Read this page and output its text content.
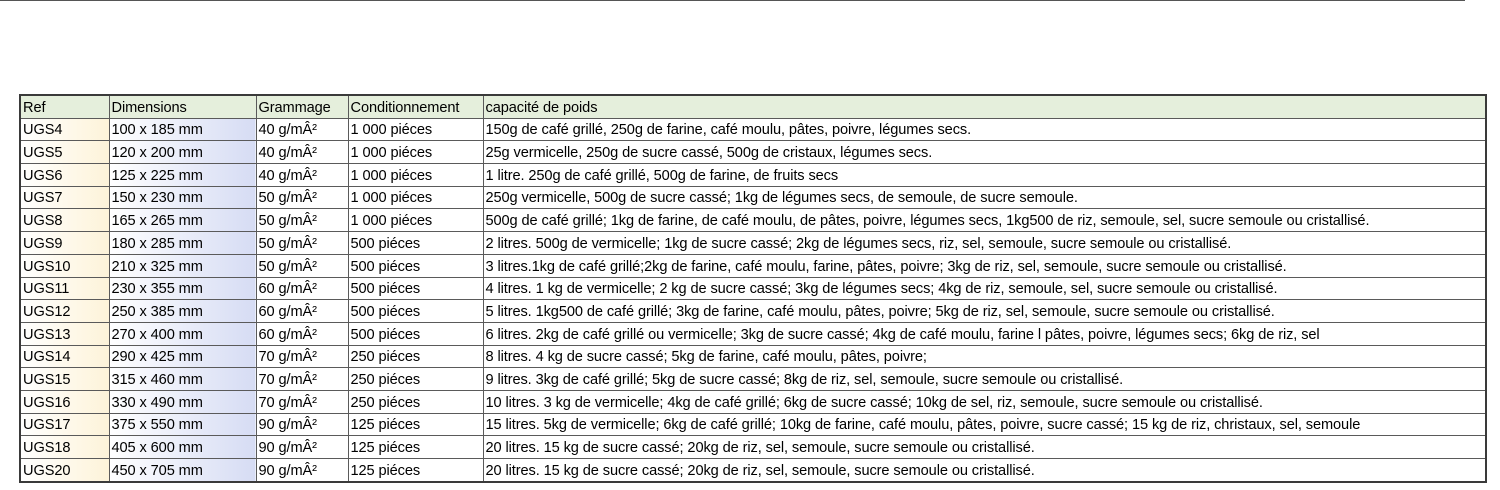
Ref	Dimensions	Grammage	Conditionnement	capacité de poids
UGS4	100 x 185 mm	40 g/mÂ²	1 000 piéces	150g de café grillé, 250g de farine, café moulu, pâtes, poivre, légumes secs.
UGS5	120 x 200 mm	40 g/mÂ²	1 000 piéces	25g vermicelle, 250g de sucre cassé, 500g de cristaux, légumes secs.
UGS6	125 x 225 mm	40 g/mÂ²	1 000 piéces	1 litre. 250g de café grillé, 500g de farine, de fruits secs
UGS7	150 x 230 mm	50 g/mÂ²	1 000 piéces	250g vermicelle, 500g de sucre cassé; 1kg de légumes secs, de semoule, de sucre semoule.
UGS8	165 x 265 mm	50 g/mÂ²	1 000 piéces	500g de café grillé; 1kg de farine, de café moulu, de pâtes, poivre, légumes secs, 1kg500 de riz, semoule, sel, sucre semoule ou cristallisé.
UGS9	180 x 285 mm	50 g/mÂ²	500 piéces	2 litres. 500g de vermicelle; 1kg de sucre cassé; 2kg de légumes secs, riz, sel, semoule, sucre semoule ou cristallisé.
UGS10	210 x 325 mm	50 g/mÂ²	500 piéces	3 litres.1kg de café grillé;2kg de farine, café moulu, farine, pâtes, poivre; 3kg de riz, sel, semoule, sucre semoule ou cristallisé.
UGS11	230 x 355 mm	60 g/mÂ²	500 piéces	4 litres. 1 kg de vermicelle; 2 kg de sucre cassé; 3kg de légumes secs; 4kg de riz, semoule, sel, sucre semoule ou cristallisé.
UGS12	250 x 385 mm	60 g/mÂ²	500 piéces	5 litres. 1kg500 de café grillé; 3kg de farine, café moulu, pâtes, poivre; 5kg de riz, sel, semoule, sucre semoule ou cristallisé.
UGS13	270 x 400 mm	60 g/mÂ²	500 piéces	6 litres. 2kg de café grillé ou vermicelle; 3kg de sucre cassé; 4kg de café moulu, farine l pâtes, poivre, légumes secs; 6kg de riz, sel
UGS14	290 x 425 mm	70 g/mÂ²	250 piéces	8 litres. 4 kg de sucre cassé; 5kg de farine, café moulu, pâtes, poivre;
UGS15	315 x 460 mm	70 g/mÂ²	250 piéces	9 litres. 3kg de café grillé; 5kg de sucre cassé; 8kg de riz, sel, semoule, sucre semoule ou cristallisé.
UGS16	330 x 490 mm	70 g/mÂ²	250 piéces	10 litres. 3 kg de vermicelle; 4kg de café grillé; 6kg de sucre cassé; 10kg de sel, riz, semoule, sucre semoule ou cristallisé.
UGS17	375 x 550 mm	90 g/mÂ²	125 piéces	15 litres. 5kg de vermicelle; 6kg de café grillé; 10kg de farine, café moulu, pâtes, poivre, sucre cassé; 15 kg de riz, christaux, sel, semoule
UGS18	405 x 600 mm	90 g/mÂ²	125 piéces	20 litres. 15 kg de sucre cassé; 20kg de riz, sel, semoule, sucre semoule ou cristallisé.
UGS20	450 x 705 mm	90 g/mÂ²	125 piéces	20 litres. 15 kg de sucre cassé; 20kg de riz, sel, semoule, sucre semoule ou cristallisé.
